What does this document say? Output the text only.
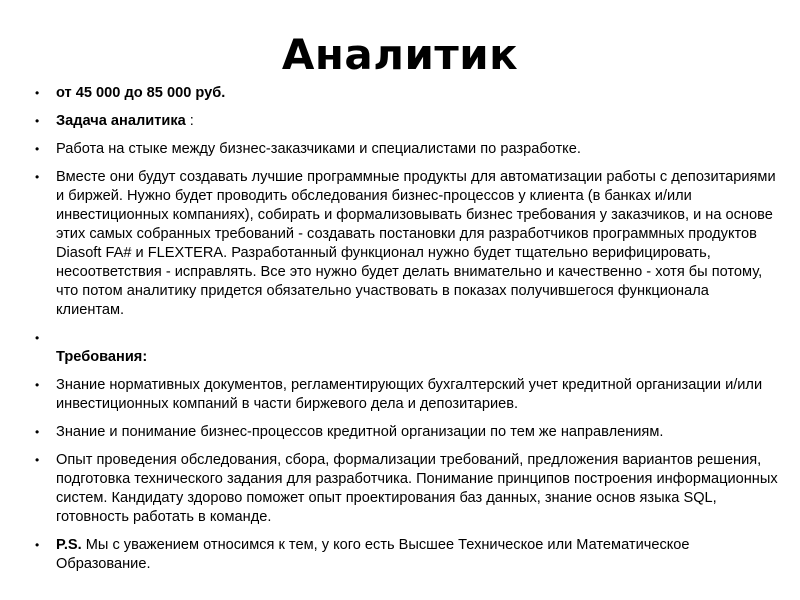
Аналитик
• от 45 000 до 85 000 руб.
• Задача аналитика :
• Работа на стыке между бизнес-заказчиками и специалистами по разработке.
• Вместе они будут создавать лучшие программные продукты для автоматизации работы с депозитариями и биржей. Нужно будет проводить обследования бизнес-процессов у клиента (в банках и/или инвестиционных компаниях), собирать и формализовывать бизнес требования у заказчиков, и на основе этих самых собранных требований - создавать постановки для разработчиков программных продуктов Diasoft FA# и FLEXTERA. Разработанный функционал нужно будет тщательно верифицировать, несоответствия - исправлять. Все это нужно будет делать внимательно и качественно - хотя бы потому, что потом аналитику придется обязательно участвовать в показах получившегося функционала клиентам.
•
Требования:
• Знание нормативных документов, регламентирующих бухгалтерский учет кредитной организации и/или инвестиционных компаний в части биржевого дела и депозитариев.
• Знание и понимание бизнес-процессов кредитной организации по тем же направлениям.
• Опыт проведения обследования, сбора, формализации требований, предложения вариантов решения, подготовка технического задания для разработчика. Понимание принципов построения информационных систем. Кандидату здорово поможет опыт проектирования баз данных, знание основ языка SQL, готовность работать в команде.
• P.S. Мы с уважением относимся к тем, у кого есть Высшее Техническое или Математическое Образование.
